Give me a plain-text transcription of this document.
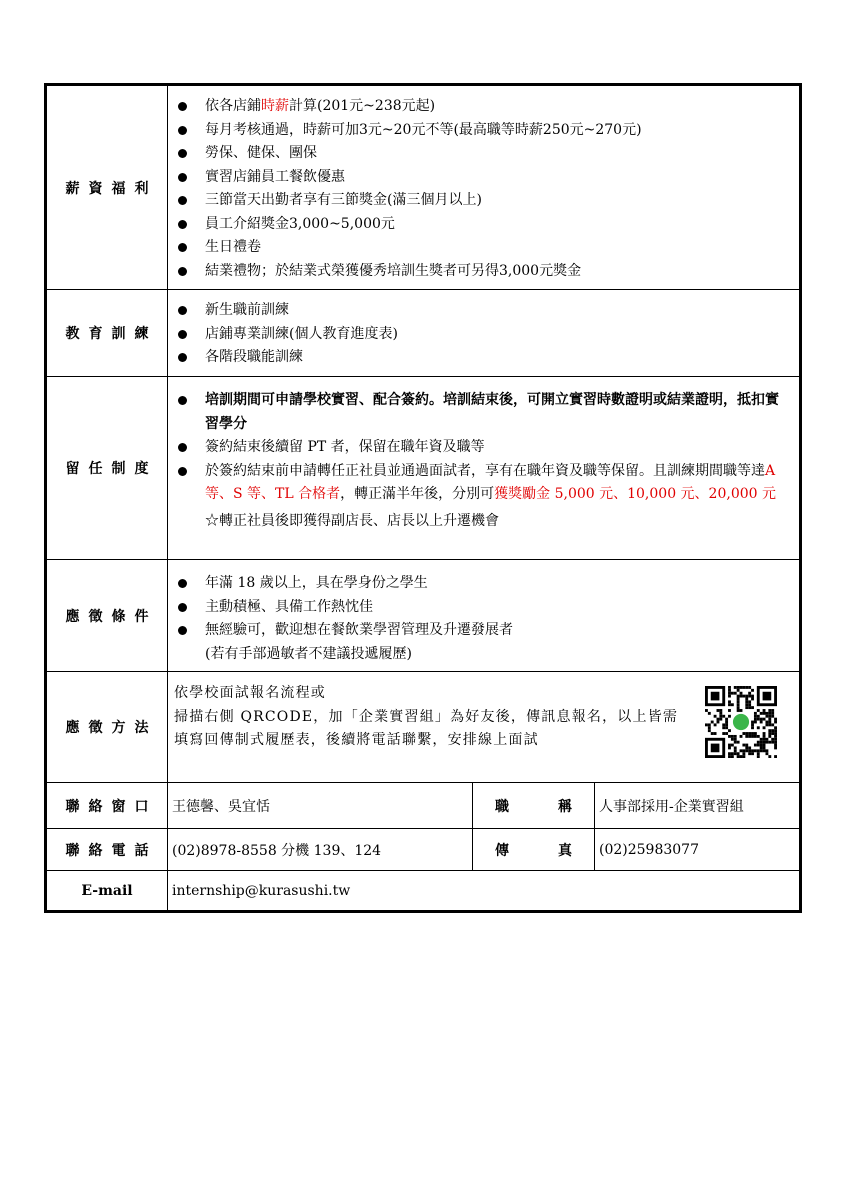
薪資福利
依各店鋪時薪計算(201元~238元起)
每月考核通過，時薪可加3元~20元不等(最高職等時薪250元~270元)
勞保、健保、團保
實習店鋪員工餐飲優惠
三節當天出勤者享有三節獎金(滿三個月以上)
員工介紹獎金3,000~5,000元
生日禮卷
結業禮物；於結業式榮獲優秀培訓生獎者可另得3,000元獎金
教育訓練
新生職前訓練
店鋪專業訓練(個人教育進度表)
各階段職能訓練
留任制度
培訓期間可申請學校實習、配合簽約。培訓結束後，可開立實習時數證明或結業證明，抵扣實習學分
簽約結束後續留 PT 者，保留在職年資及職等
於簽約結束前申請轉任正社員並通過面試者，享有在職年資及職等保留。且訓練期間職等達A 等、S 等、TL 合格者，轉正滿半年後，分別可獲獎勵金 5,000 元、10,000 元、20,000 元
☆轉正社員後即獲得副店長、店長以上升遷機會
應徵條件
年滿 18 歲以上，具在學身份之學生
主動積極、具備工作熱忱佳
無經驗可，歡迎想在餐飲業學習管理及升遷發展者
(若有手部過敏者不建議投遞履歷)
應徵方法
依學校面試報名流程或
掃描右側 QRCODE，加「企業實習組」為好友後，傳訊息報名，以上皆需填寫回傳制式履歷表，後續將電話聯繫，安排線上面試
聯絡窗口	王德馨、吳宜恬	職	稱	人事部採用-企業實習組
聯絡電話	(02)8978-8558 分機 139、124	傳	真	(02)25983077
E-mail	internship@kurasushi.tw
